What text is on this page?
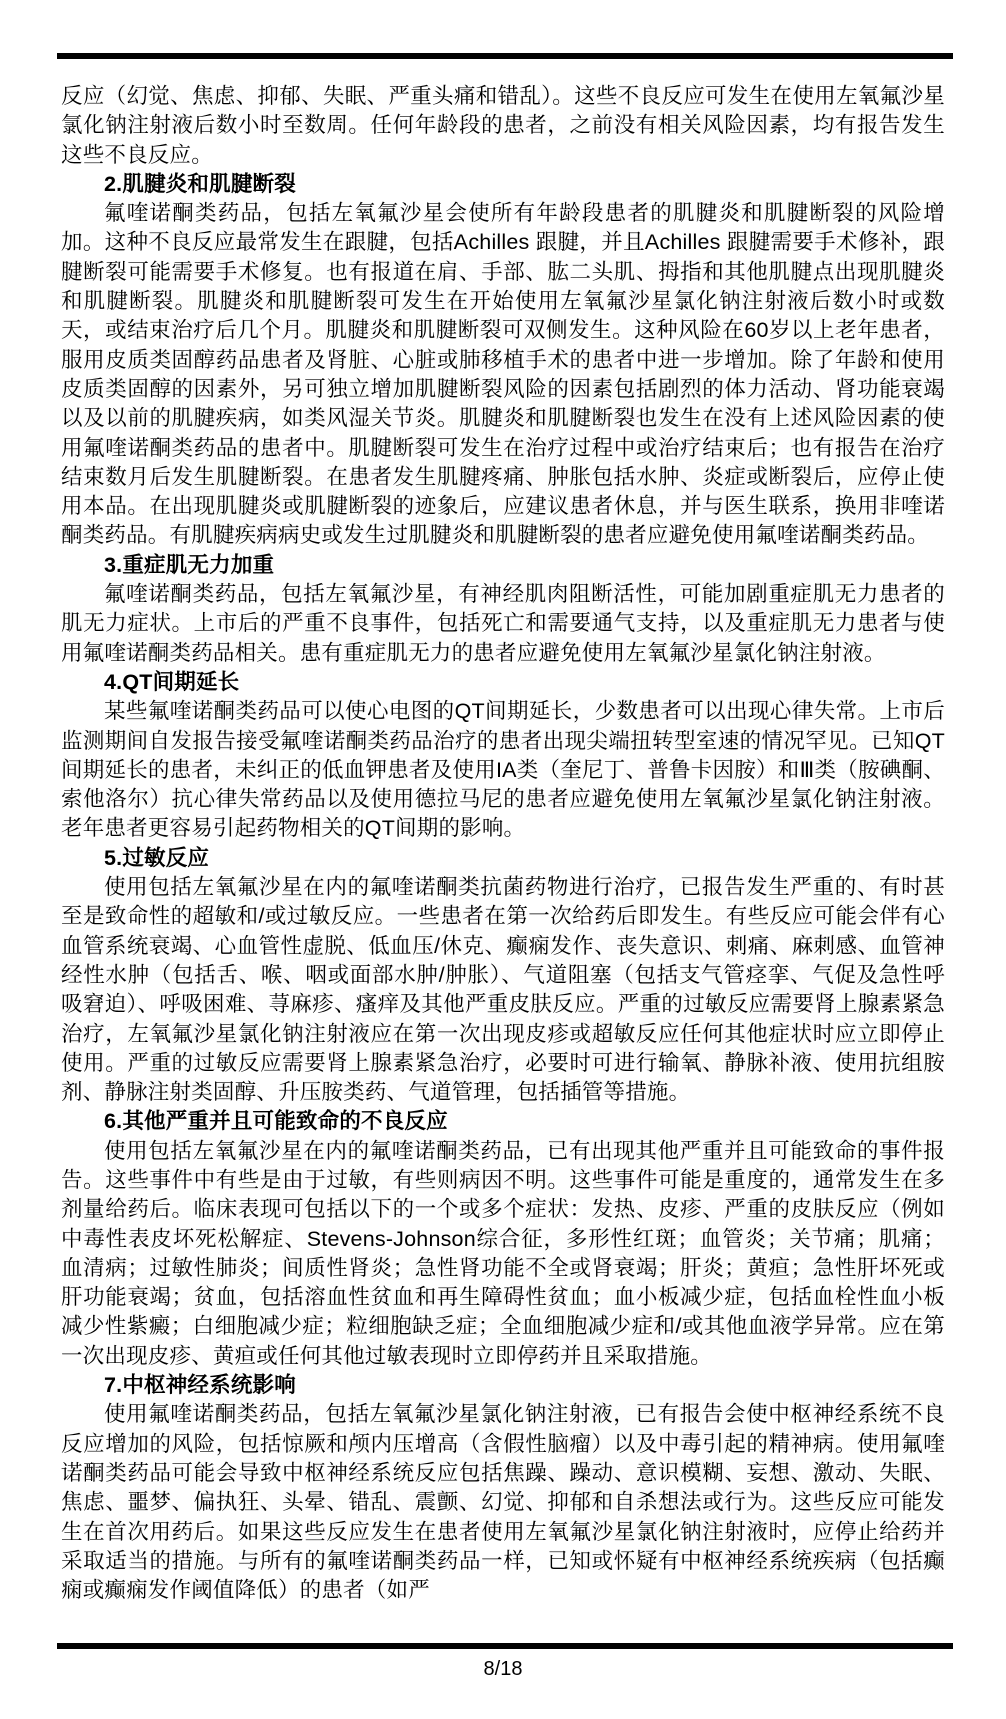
反应（幻觉、焦虑、抑郁、失眠、严重头痛和错乱）。这些不良反应可发生在使用左氧氟沙星氯化钠注射液后数小时至数周。任何年龄段的患者，之前没有相关风险因素，均有报告发生这些不良反应。

2.肌腱炎和肌腱断裂

氟喹诺酮类药品，包括左氧氟沙星会使所有年龄段患者的肌腱炎和肌腱断裂的风险增加。这种不良反应最常发生在跟腱，包括Achilles 跟腱，并且Achilles 跟腱需要手术修补，跟腱断裂可能需要手术修复。也有报道在肩、手部、肱二头肌、拇指和其他肌腱点出现肌腱炎和肌腱断裂。肌腱炎和肌腱断裂可发生在开始使用左氧氟沙星氯化钠注射液后数小时或数天，或结束治疗后几个月。肌腱炎和肌腱断裂可双侧发生。这种风险在60岁以上老年患者，服用皮质类固醇药品患者及肾脏、心脏或肺移植手术的患者中进一步增加。除了年龄和使用皮质类固醇的因素外，另可独立增加肌腱断裂风险的因素包括剧烈的体力活动、肾功能衰竭以及以前的肌腱疾病，如类风湿关节炎。肌腱炎和肌腱断裂也发生在没有上述风险因素的使用氟喹诺酮类药品的患者中。肌腱断裂可发生在治疗过程中或治疗结束后；也有报告在治疗结束数月后发生肌腱断裂。在患者发生肌腱疼痛、肿胀包括水肿、炎症或断裂后，应停止使用本品。在出现肌腱炎或肌腱断裂的迹象后，应建议患者休息，并与医生联系，换用非喹诺酮类药品。有肌腱疾病病史或发生过肌腱炎和肌腱断裂的患者应避免使用氟喹诺酮类药品。

3.重症肌无力加重

氟喹诺酮类药品，包括左氧氟沙星，有神经肌肉阻断活性，可能加剧重症肌无力患者的肌无力症状。上市后的严重不良事件，包括死亡和需要通气支持，以及重症肌无力患者与使用氟喹诺酮类药品相关。患有重症肌无力的患者应避免使用左氧氟沙星氯化钠注射液。

4.QT间期延长

某些氟喹诺酮类药品可以使心电图的QT间期延长，少数患者可以出现心律失常。上市后监测期间自发报告接受氟喹诺酮类药品治疗的患者出现尖端扭转型室速的情况罕见。已知QT间期延长的患者，未纠正的低血钾患者及使用IA类（奎尼丁、普鲁卡因胺）和Ⅲ类（胺碘酮、索他洛尔）抗心律失常药品以及使用德拉马尼的患者应避免使用左氧氟沙星氯化钠注射液。老年患者更容易引起药物相关的QT间期的影响。

5.过敏反应

使用包括左氧氟沙星在内的氟喹诺酮类抗菌药物进行治疗，已报告发生严重的、有时甚至是致命性的超敏和/或过敏反应。一些患者在第一次给药后即发生。有些反应可能会伴有心血管系统衰竭、心血管性虚脱、低血压/休克、癫痫发作、丧失意识、刺痛、麻刺感、血管神经性水肿（包括舌、喉、咽或面部水肿/肿胀）、气道阻塞（包括支气管痉挛、气促及急性呼吸窘迫）、呼吸困难、荨麻疹、瘙痒及其他严重皮肤反应。严重的过敏反应需要肾上腺素紧急治疗，左氧氟沙星氯化钠注射液应在第一次出现皮疹或超敏反应任何其他症状时应立即停止使用。严重的过敏反应需要肾上腺素紧急治疗，必要时可进行输氧、静脉补液、使用抗组胺剂、静脉注射类固醇、升压胺类药、气道管理，包括插管等措施。

6.其他严重并且可能致命的不良反应

使用包括左氧氟沙星在内的氟喹诺酮类药品，已有出现其他严重并且可能致命的事件报告。这些事件中有些是由于过敏，有些则病因不明。这些事件可能是重度的，通常发生在多剂量给药后。临床表现可包括以下的一个或多个症状：发热、皮疹、严重的皮肤反应（例如中毒性表皮坏死松解症、Stevens-Johnson综合征，多形性红斑；血管炎；关节痛；肌痛；血清病；过敏性肺炎；间质性肾炎；急性肾功能不全或肾衰竭；肝炎；黄疸；急性肝坏死或肝功能衰竭；贫血，包括溶血性贫血和再生障碍性贫血；血小板减少症，包括血栓性血小板减少性紫癜；白细胞减少症；粒细胞缺乏症；全血细胞减少症和/或其他血液学异常。应在第一次出现皮疹、黄疸或任何其他过敏表现时立即停药并且采取措施。

7.中枢神经系统影响

使用氟喹诺酮类药品，包括左氧氟沙星氯化钠注射液，已有报告会使中枢神经系统不良反应增加的风险，包括惊厥和颅内压增高（含假性脑瘤）以及中毒引起的精神病。使用氟喹诺酮类药品可能会导致中枢神经系统反应包括焦躁、躁动、意识模糊、妄想、激动、失眠、焦虑、噩梦、偏执狂、头晕、错乱、震颤、幻觉、抑郁和自杀想法或行为。这些反应可能发生在首次用药后。如果这些反应发生在患者使用左氧氟沙星氯化钠注射液时，应停止给药并采取适当的措施。与所有的氟喹诺酮类药品一样，已知或怀疑有中枢神经系统疾病（包括癫痫或癫痫发作阈值降低）的患者（如严

8/18
